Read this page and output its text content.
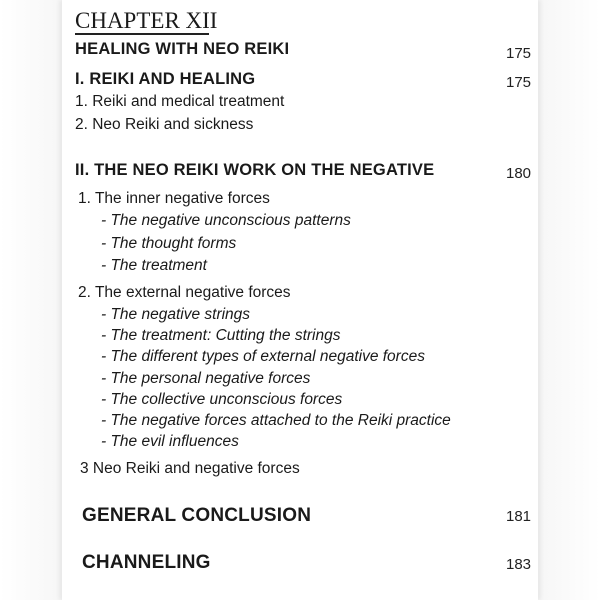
CHAPTER XII
HEALING WITH NEO REIKI	175
I. REIKI AND HEALING	175
1. Reiki and medical treatment
2. Neo Reiki and sickness
II. THE NEO REIKI WORK ON THE NEGATIVE	180
1. The inner negative forces
- The negative unconscious patterns
- The thought forms
- The treatment
2. The external negative forces
- The negative strings
- The treatment: Cutting the strings
- The different types of external negative forces
- The personal negative forces
- The collective unconscious forces
- The negative forces attached to the Reiki practice
- The evil influences
3 Neo Reiki and negative forces
GENERAL CONCLUSION	181
CHANNELING	183
